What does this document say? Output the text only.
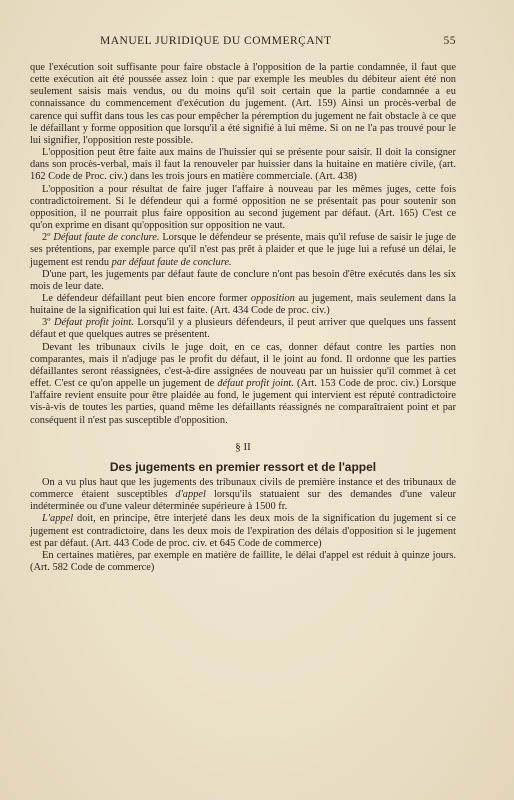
MANUEL JURIDIQUE DU COMMERÇANT	55

que l'exécution soit suffisante pour faire obstacle à l'opposition de la partie condamnée, il faut que cette exécution ait été poussée assez loin : que par exemple les meubles du débiteur aient été non seulement saisis mais vendus, ou du moins qu'il soit certain que la partie condamnée a eu connaissance du commencement d'exécution du jugement. (Art. 159) Ainsi un procès-verbal de carence qui suffit dans tous les cas pour empêcher la péremption du jugement ne fait obstacle à ce que le défaillant y forme opposition que lorsqu'il a été signifié à lui même. Si on ne l'a pas trouvé pour le lui signifier, l'opposition reste possible.

L'opposition peut être faite aux mains de l'huissier qui se présente pour saisir. Il doit la consigner dans son procès-verbal, mais il faut la renouveler par huissier dans la huitaine en matière civile, (art. 162 Code de Proc. civ.) dans les trois jours en matière commerciale. (Art. 438)

L'opposition a pour résultat de faire juger l'affaire à nouveau par les mêmes juges, cette fois contradictoirement. Si le défendeur qui a formé opposition ne se présentait pas pour soutenir son opposition, il ne pourrait plus faire opposition au second jugement par défaut. (Art. 165) C'est ce qu'on exprime en disant qu'opposition sur opposition ne vaut.

2º Défaut faute de conclure. Lorsque le défendeur se présente, mais qu'il refuse de saisir le juge de ses prétentions, par exemple parce qu'il n'est pas prêt à plaider et que le juge lui a refusé un délai, le jugement est rendu par défaut faute de conclure.

D'une part, les jugements par défaut faute de conclure n'ont pas besoin d'être exécutés dans les six mois de leur date.

Le défendeur défaillant peut bien encore former opposition au jugement, mais seulement dans la huitaine de la signification qui lui est faite. (Art. 434 Code de proc. civ.)

3º Défaut profit joint. Lorsqu'il y a plusieurs défendeurs, il peut arriver que quelques uns fassent défaut et que quelques autres se présentent.

Devant les tribunaux civils le juge doit, en ce cas, donner défaut contre les parties non comparantes, mais il n'adjuge pas le profit du défaut, il le joint au fond. Il ordonne que les parties défaillantes seront réassignées, c'est-à-dire assignées de nouveau par un huissier qu'il commet à cet effet. C'est ce qu'on appelle un jugement de défaut profit joint. (Art. 153 Code de proc. civ.) Lorsque l'affaire revient ensuite pour être plaidée au fond, le jugement qui intervient est réputé contradictoire vis-à-vis de toutes les parties, quand même les défaillants réassignés ne comparaîtraient point et par conséquent il n'est pas susceptible d'opposition.

§ II
Des jugements en premier ressort et de l'appel

On a vu plus haut que les jugements des tribunaux civils de première instance et des tribunaux de commerce étaient susceptibles d'appel lorsqu'ils statuaient sur des demandes d'une valeur indéterminée ou d'une valeur déterminée supérieure à 1500 fr.

L'appel doit, en principe, être interjeté dans les deux mois de la signification du jugement si ce jugement est contradictoire, dans les deux mois de l'expiration des délais d'opposition si le jugement est par défaut. (Art. 443 Code de proc. civ. et 645 Code de commerce)

En certaines matières, par exemple en matière de faillite, le délai d'appel est réduit à quinze jours. (Art. 582 Code de commerce)
